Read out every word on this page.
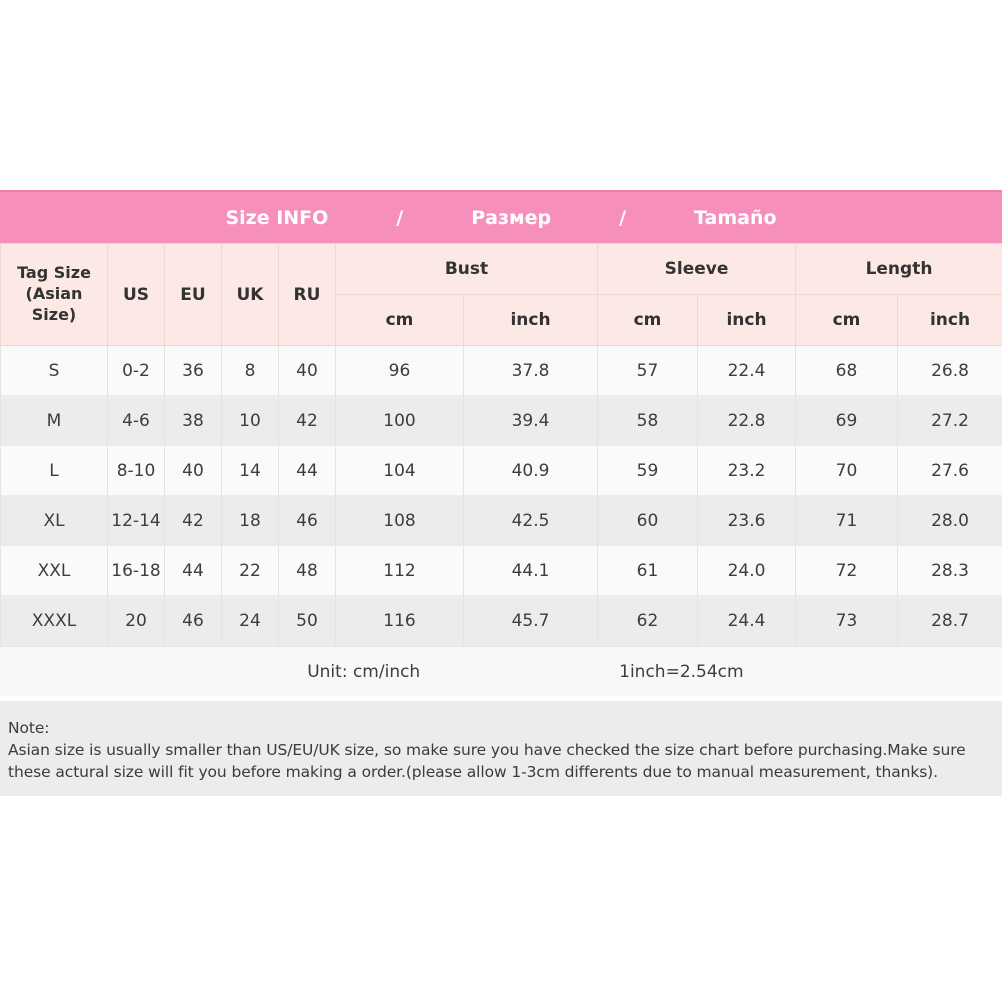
Size INFO	/	Размер	/	Tamaño
Tag Size
(Asian Size)	US	EU	UK	RU	Bust		Sleeve		Length	
					cm	inch	cm	inch	cm	inch
S	0-2	36	8	40	96	37.8	57	22.4	68	26.8
M	4-6	38	10	42	100	39.4	58	22.8	69	27.2
L	8-10	40	14	44	104	40.9	59	23.2	70	27.6
XL	12-14	42	18	46	108	42.5	60	23.6	71	28.0
XXL	16-18	44	22	48	112	44.1	61	24.0	72	28.3
XXXL	20	46	24	50	116	45.7	62	24.4	73	28.7
Unit: cm/inch	1inch=2.54cm
Note:
Asian size is usually smaller than US/EU/UK size, so make sure you have checked the size chart before purchasing.Make sure
these actural size will fit you before making a order.(please allow 1-3cm differents due to manual measurement, thanks).
